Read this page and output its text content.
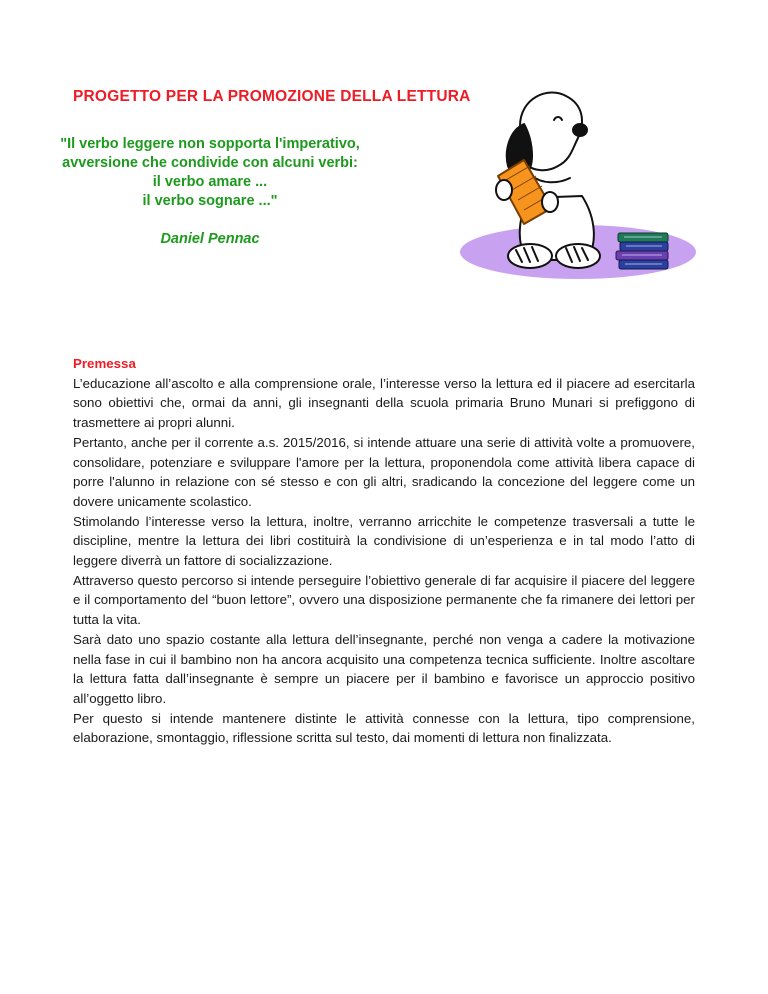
PROGETTO PER LA PROMOZIONE DELLA LETTURA
"Il verbo leggere non sopporta l'imperativo,
avversione che condivide con alcuni verbi:
il verbo amare ...
il verbo sognare ..."
Daniel Pennac
Premessa

L’educazione all’ascolto e alla comprensione orale, l’interesse verso la lettura ed il piacere ad esercitarla sono obiettivi che, ormai da anni, gli insegnanti della scuola primaria Bruno Munari si prefiggono di trasmettere ai propri alunni.

Pertanto, anche per il corrente a.s. 2015/2016, si intende attuare una serie di attività volte a promuovere, consolidare, potenziare e sviluppare l'amore per la lettura, proponendola come attività libera capace di porre l'alunno in relazione con sé stesso e con gli altri, sradicando la concezione del leggere come un dovere unicamente scolastico.

Stimolando l’interesse verso la lettura, inoltre, verranno arricchite le competenze trasversali a tutte le discipline, mentre la lettura dei libri costituirà la condivisione di un’esperienza e in tal modo l’atto di leggere diverrà un fattore di socializzazione.

Attraverso questo percorso si intende perseguire l’obiettivo generale di far acquisire il piacere del leggere e il comportamento del “buon lettore”, ovvero una disposizione permanente che fa rimanere dei lettori per tutta la vita.

Sarà dato uno spazio costante alla lettura dell’insegnante, perché non venga a cadere la motivazione nella fase in cui il bambino non ha ancora acquisito una competenza tecnica sufficiente. Inoltre ascoltare la lettura fatta dall’insegnante è sempre un piacere per il bambino e favorisce un approccio positivo all’oggetto libro.

Per questo si intende mantenere distinte le attività connesse con la lettura, tipo comprensione, elaborazione, smontaggio, riflessione scritta sul testo, dai momenti di lettura non finalizzata.
